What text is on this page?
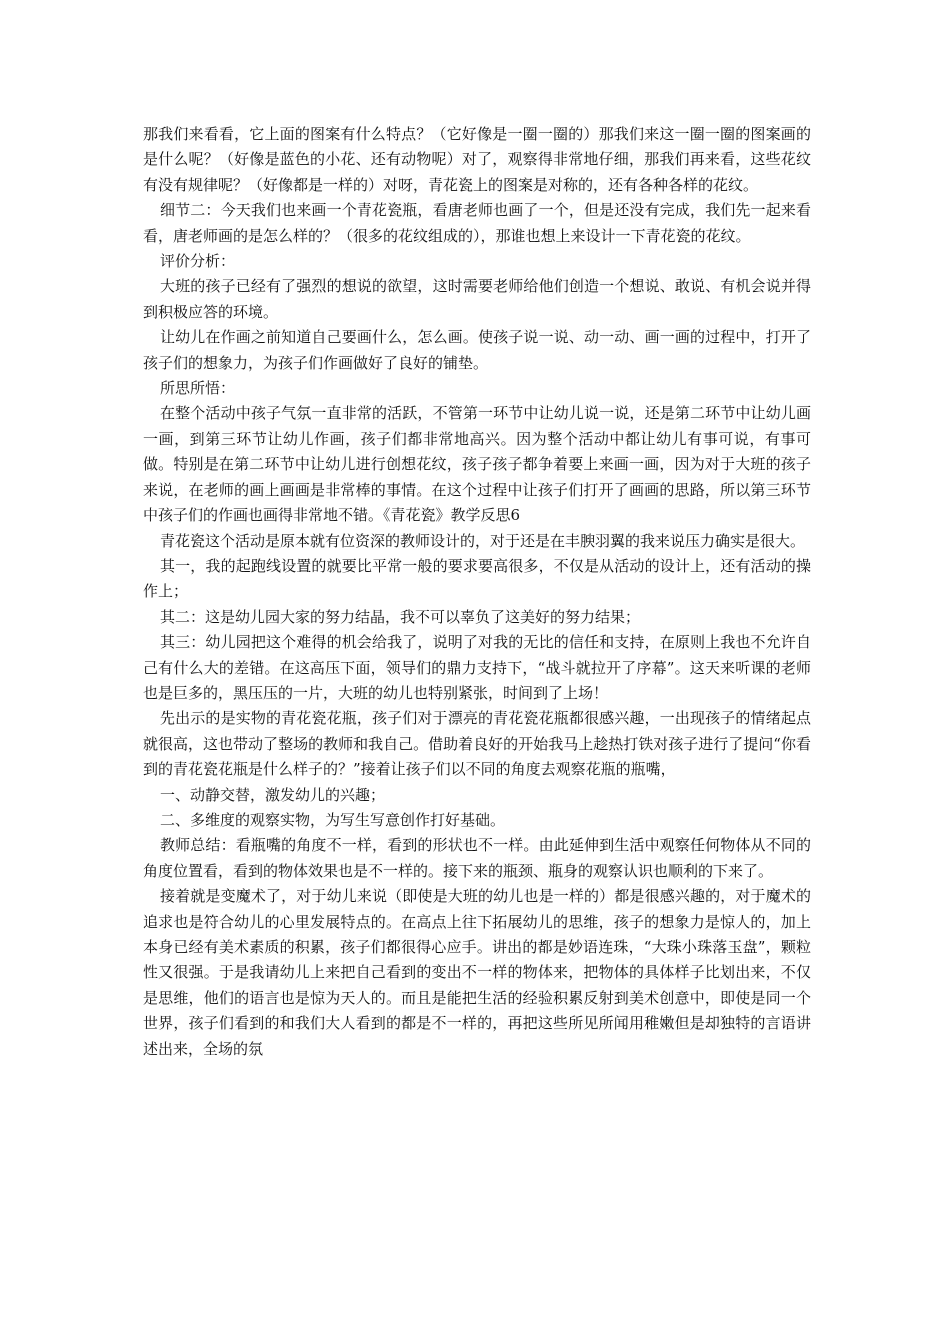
那我们来看看，它上面的图案有什么特点？（它好像是一圈一圈的）那我们来这一圈一圈的图案画的是什么呢？（好像是蓝色的小花、还有动物呢）对了，观察得非常地仔细，那我们再来看，这些花纹有没有规律呢？（好像都是一样的）对呀，青花瓷上的图案是对称的，还有各种各样的花纹。

细节二：今天我们也来画一个青花瓷瓶，看唐老师也画了一个，但是还没有完成，我们先一起来看看，唐老师画的是怎么样的？（很多的花纹组成的），那谁也想上来设计一下青花瓷的花纹。

评价分析：

大班的孩子已经有了强烈的想说的欲望，这时需要老师给他们创造一个想说、敢说、有机会说并得到积极应答的环境。

让幼儿在作画之前知道自己要画什么，怎么画。使孩子说一说、动一动、画一画的过程中，打开了孩子们的想象力，为孩子们作画做好了良好的铺垫。

所思所悟：

在整个活动中孩子气氛一直非常的活跃，不管第一环节中让幼儿说一说，还是第二环节中让幼儿画一画，到第三环节让幼儿作画，孩子们都非常地高兴。因为整个活动中都让幼儿有事可说，有事可做。特别是在第二环节中让幼儿进行创想花纹，孩子孩子都争着要上来画一画，因为对于大班的孩子来说，在老师的画上画画是非常棒的事情。在这个过程中让孩子们打开了画画的思路，所以第三环节中孩子们的作画也画得非常地不错。《青花瓷》教学反思6

青花瓷这个活动是原本就有位资深的教师设计的，对于还是在丰腴羽翼的我来说压力确实是很大。

其一，我的起跑线设置的就要比平常一般的要求要高很多，不仅是从活动的设计上，还有活动的操作上；

其二：这是幼儿园大家的努力结晶，我不可以辜负了这美好的努力结果；

其三：幼儿园把这个难得的机会给我了，说明了对我的无比的信任和支持，在原则上我也不允许自己有什么大的差错。在这高压下面，领导们的鼎力支持下，“战斗就拉开了序幕”。这天来听课的老师也是巨多的，黑压压的一片，大班的幼儿也特别紧张，时间到了上场！

先出示的是实物的青花瓷花瓶，孩子们对于漂亮的青花瓷花瓶都很感兴趣，一出现孩子的情绪起点就很高，这也带动了整场的教师和我自己。借助着良好的开始我马上趁热打铁对孩子进行了提问“你看到的青花瓷花瓶是什么样子的？”接着让孩子们以不同的角度去观察花瓶的瓶嘴，

一、动静交替，激发幼儿的兴趣；

二、多维度的观察实物，为写生写意创作打好基础。

教师总结：看瓶嘴的角度不一样，看到的形状也不一样。由此延伸到生活中观察任何物体从不同的角度位置看，看到的物体效果也是不一样的。接下来的瓶颈、瓶身的观察认识也顺利的下来了。

接着就是变魔术了，对于幼儿来说（即使是大班的幼儿也是一样的）都是很感兴趣的，对于魔术的追求也是符合幼儿的心里发展特点的。在高点上往下拓展幼儿的思维，孩子的想象力是惊人的，加上本身已经有美术素质的积累，孩子们都很得心应手。讲出的都是妙语连珠，“大珠小珠落玉盘”，颗粒性又很强。于是我请幼儿上来把自己看到的变出不一样的物体来，把物体的具体样子比划出来，不仅是思维，他们的语言也是惊为天人的。而且是能把生活的经验积累反射到美术创意中，即使是同一个世界，孩子们看到的和我们大人看到的都是不一样的，再把这些所见所闻用稚嫩但是却独特的言语讲述出来，全场的氛
